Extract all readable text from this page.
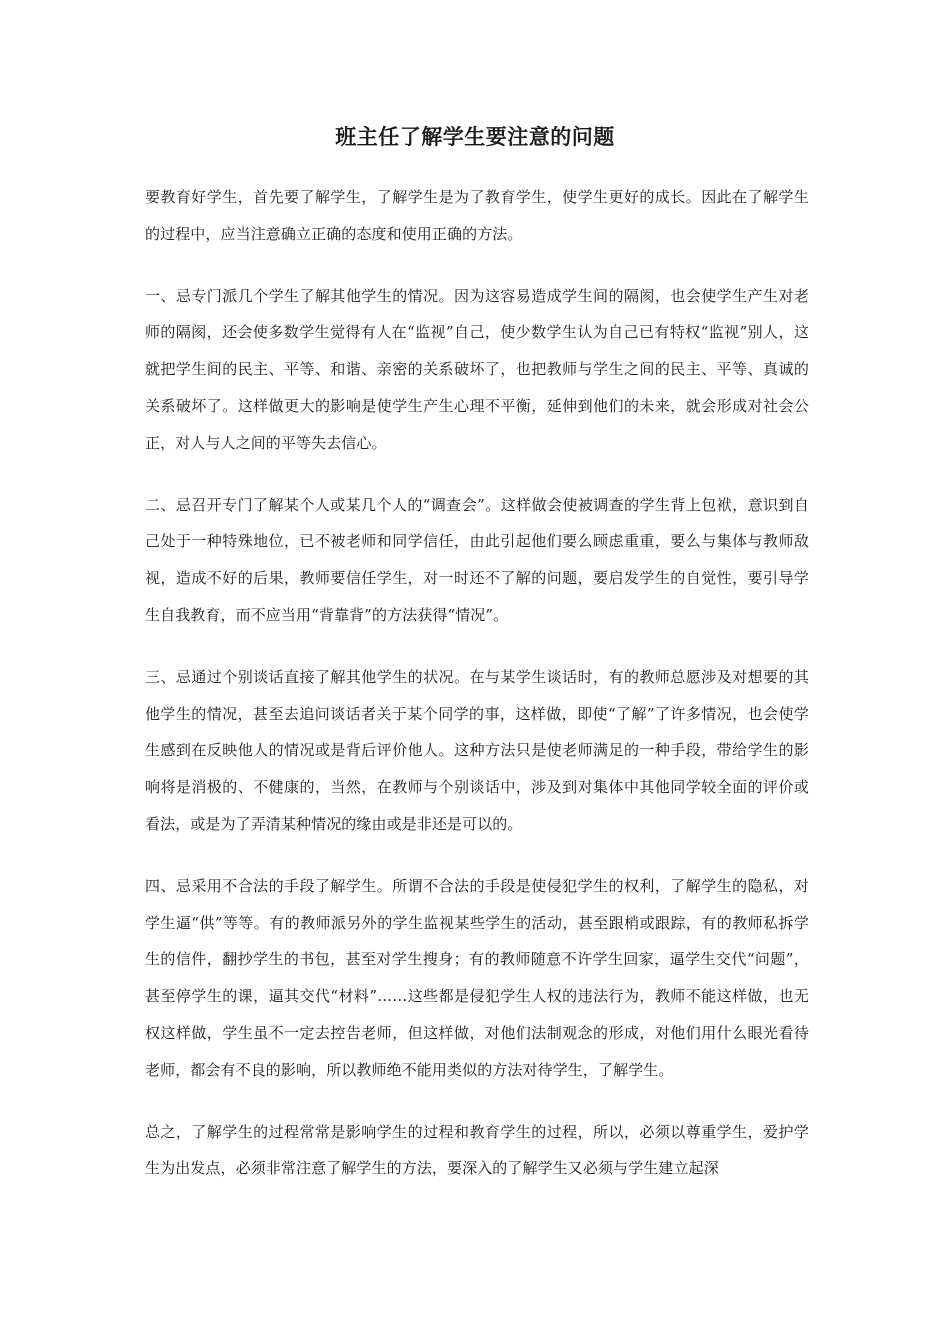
班主任了解学生要注意的问题

要教育好学生，首先要了解学生，了解学生是为了教育学生，使学生更好的成长。因此在了解学生的过程中，应当注意确立正确的态度和使用正确的方法。

一、忌专门派几个学生了解其他学生的情况。因为这容易造成学生间的隔阂，也会使学生产生对老师的隔阂，还会使多数学生觉得有人在“监视”自己，使少数学生认为自己已有特权“监视”别人，这就把学生间的民主、平等、和谐、亲密的关系破坏了，也把教师与学生之间的民主、平等、真诚的关系破坏了。这样做更大的影响是使学生产生心理不平衡，延伸到他们的未来，就会形成对社会公正，对人与人之间的平等失去信心。

二、忌召开专门了解某个人或某几个人的“调查会”。这样做会使被调查的学生背上包袱，意识到自己处于一种特殊地位，已不被老师和同学信任，由此引起他们要么顾虑重重，要么与集体与教师敌视，造成不好的后果，教师要信任学生，对一时还不了解的问题，要启发学生的自觉性，要引导学生自我教育，而不应当用“背靠背”的方法获得“情况”。

三、忌通过个别谈话直接了解其他学生的状况。在与某学生谈话时，有的教师总愿涉及对想要的其他学生的情况，甚至去追问谈话者关于某个同学的事，这样做，即使“了解”了许多情况，也会使学生感到在反映他人的情况或是背后评价他人。这种方法只是使老师满足的一种手段，带给学生的影响将是消极的、不健康的，当然，在教师与个别谈话中，涉及到对集体中其他同学较全面的评价或看法，或是为了弄清某种情况的缘由或是非还是可以的。

四、忌采用不合法的手段了解学生。所谓不合法的手段是使侵犯学生的权利，了解学生的隐私，对学生逼“供”等等。有的教师派另外的学生监视某些学生的活动，甚至跟梢或跟踪，有的教师私拆学生的信件，翻抄学生的书包，甚至对学生搜身；有的教师随意不许学生回家，逼学生交代“问题”，甚至停学生的课，逼其交代“材料”……这些都是侵犯学生人权的违法行为，教师不能这样做，也无权这样做，学生虽不一定去控告老师，但这样做，对他们法制观念的形成，对他们用什么眼光看待老师，都会有不良的影响，所以教师绝不能用类似的方法对待学生，了解学生。

总之，了解学生的过程常常是影响学生的过程和教育学生的过程，所以，必须以尊重学生，爱护学生为出发点，必须非常注意了解学生的方法，要深入的了解学生又必须与学生建立起深
